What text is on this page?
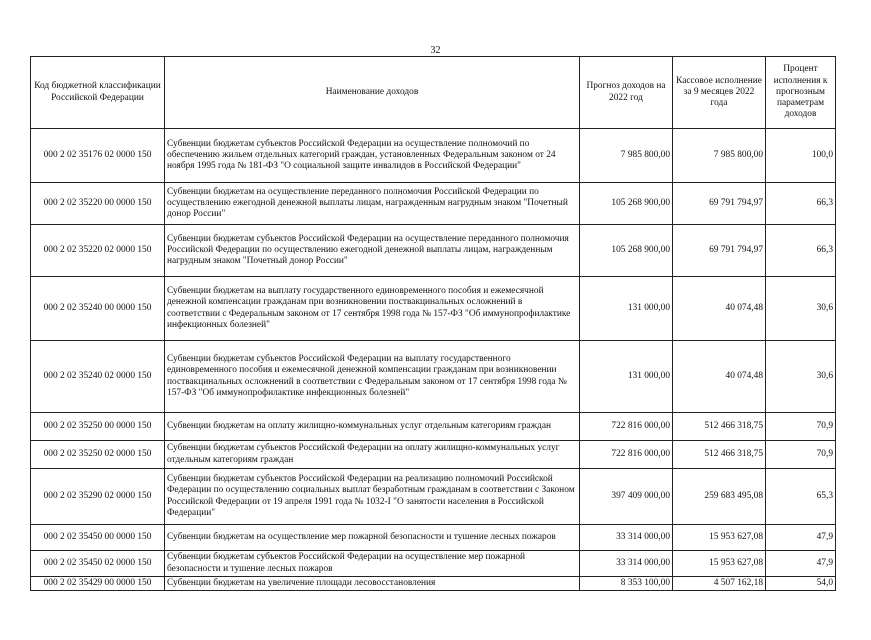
32
Код бюджетной классификации Российской Федерации	Наименование доходов	Прогноз доходов на 2022 год	Кассовое исполнение за 9 месяцев 2022 года	Процент исполнения к прогнозным параметрам доходов
000 2 02 35176 02 0000 150	Субвенции бюджетам субъектов Российской Федерации на осуществление полномочий по обеспечению жильем отдельных категорий граждан, установленных Федеральным законом от 24 ноября 1995 года № 181-ФЗ "О социальной защите инвалидов в Российской Федерации"	7 985 800,00	7 985 800,00	100,0
000 2 02 35220 00 0000 150	Субвенции бюджетам на осуществление переданного полномочия Российской Федерации по осуществлению ежегодной денежной выплаты лицам, награжденным нагрудным знаком "Почетный донор России"	105 268 900,00	69 791 794,97	66,3
000 2 02 35220 02 0000 150	Субвенции бюджетам субъектов Российской Федерации на осуществление переданного полномочия Российской Федерации по осуществлению ежегодной денежной выплаты лицам, награжденным нагрудным знаком "Почетный донор России"	105 268 900,00	69 791 794,97	66,3
000 2 02 35240 00 0000 150	Субвенции бюджетам на выплату государственного единовременного пособия и ежемесячной денежной компенсации гражданам при возникновении поствакцинальных осложнений в соответствии с Федеральным законом от 17 сентября 1998 года № 157-ФЗ "Об иммунопрофилактике инфекционных болезней"	131 000,00	40 074,48	30,6
000 2 02 35240 02 0000 150	Субвенции бюджетам субъектов Российской Федерации на выплату государственного единовременного пособия и ежемесячной денежной компенсации гражданам при возникновении поствакцинальных осложнений в соответствии с Федеральным законом от 17 сентября 1998 года № 157-ФЗ "Об иммунопрофилактике инфекционных болезней"	131 000,00	40 074,48	30,6
000 2 02 35250 00 0000 150	Субвенции бюджетам на оплату жилищно-коммунальных услуг отдельным категориям граждан	722 816 000,00	512 466 318,75	70,9
000 2 02 35250 02 0000 150	Субвенции бюджетам субъектов Российской Федерации на оплату жилищно-коммунальных услуг отдельным категориям граждан	722 816 000,00	512 466 318,75	70,9
000 2 02 35290 02 0000 150	Субвенции бюджетам субъектов Российской Федерации на реализацию полномочий Российской Федерации по осуществлению социальных выплат безработным гражданам в соответствии с Законом Российской Федерации от 19 апреля 1991 года № 1032-I "О занятости населения в Российской Федерации"	397 409 000,00	259 683 495,08	65,3
000 2 02 35450 00 0000 150	Субвенции бюджетам на осуществление мер пожарной безопасности и тушение лесных пожаров	33 314 000,00	15 953 627,08	47,9
000 2 02 35450 02 0000 150	Субвенции бюджетам субъектов Российской Федерации на осуществление мер пожарной безопасности и тушение лесных пожаров	33 314 000,00	15 953 627,08	47,9
000 2 02 35429 00 0000 150	Субвенции бюджетам на увеличение площади лесовосстановления	8 353 100,00	4 507 162,18	54,0
